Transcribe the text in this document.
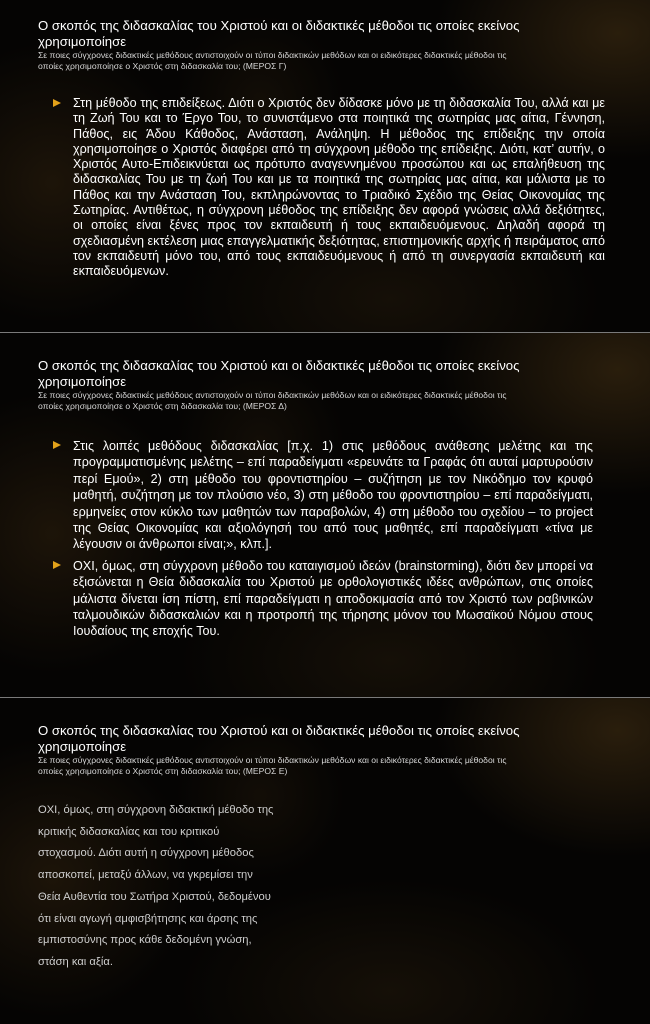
Ο σκοπός της διδασκαλίας του Χριστού και οι διδακτικές μέθοδοι τις οποίες εκείνος χρησιμοποίησε

Σε ποιες σύγχρονες διδακτικές μεθόδους αντιστοιχούν οι τύποι διδακτικών μεθόδων και οι ειδικότερες διδακτικές μέθοδοι τις οποίες χρησιμοποίησε ο Χριστός στη διδασκαλία του; (ΜΕΡΟΣ Γ)

Στη μέθοδο της επιδείξεως. Διότι ο Χριστός δεν δίδασκε μόνο με τη διδασκαλία Του, αλλά και με τη Ζωή Του και το Έργο Του, το συνιστάμενο στα ποιητικά της σωτηρίας μας αίτια, Γέννηση, Πάθος, εις Άδου Κάθοδος, Ανάσταση, Ανάληψη. Η μέθοδος της επίδειξης την οποία χρησιμοποίησε ο Χριστός διαφέρει από τη σύγχρονη μέθοδο της επίδειξης. Διότι, κατ’ αυτήν, ο Χριστός Αυτο-Επιδεικνύεται ως πρότυπο αναγεννημένου προσώπου και ως επαλήθευση της διδασκαλίας Του με τη ζωή Του και με τα ποιητικά της σωτηρίας μας αίτια, και μάλιστα με το Πάθος και την Ανάσταση Του, εκπληρώνοντας το Τριαδικό Σχέδιο της Θείας Οικονομίας της Σωτηρίας. Αντιθέτως, η σύγχρονη μέθοδος της επίδειξης δεν αφορά γνώσεις αλλά δεξιότητες, οι οποίες είναι ξένες προς τον εκπαιδευτή ή τους εκπαιδευόμενους. Δηλαδή αφορά τη σχεδιασμένη εκτέλεση μιας επαγγελματικής δεξιότητας, επιστημονικής αρχής ή πειράματος από τον εκπαιδευτή μόνο του, από τους εκπαιδευόμενους ή από τη συνεργασία εκπαιδευτή και εκπαιδευόμενων.
Ο σκοπός της διδασκαλίας του Χριστού και οι διδακτικές μέθοδοι τις οποίες εκείνος χρησιμοποίησε

Σε ποιες σύγχρονες διδακτικές μεθόδους αντιστοιχούν οι τύποι διδακτικών μεθόδων και οι ειδικότερες διδακτικές μέθοδοι τις οποίες χρησιμοποίησε ο Χριστός στη διδασκαλία του; (ΜΕΡΟΣ Δ)

Στις λοιπές μεθόδους διδασκαλίας [π.χ. 1) στις μεθόδους ανάθεσης μελέτης και της προγραμματισμένης μελέτης – επί παραδείγματι «ερευνάτε τα Γραφάς ότι αυταί μαρτυρούσιν περί Εμού», 2) στη μέθοδο του φροντιστηρίου – συζήτηση με τον Νικόδημο τον κρυφό μαθητή, συζήτηση με τον πλούσιο νέο, 3) στη μέθοδο του φροντιστηρίου – επί παραδείγματι, ερμηνείες στον κύκλο των μαθητών των παραβολών, 4) στη μέθοδο του σχεδίου – το project της Θείας Οικονομίας και αξιολόγησή του από τους μαθητές, επί παραδείγματι «τίνα με λέγουσιν οι άνθρωποι είναι;», κλπ.].
ΟΧΙ, όμως, στη σύγχρονη μέθοδο του καταιγισμού ιδεών (brainstorming), διότι δεν μπορεί να εξισώνεται η Θεία διδασκαλία του Χριστού με ορθολογιστικές ιδέες ανθρώπων, στις οποίες μάλιστα δίνεται ίση πίστη, επί παραδείγματι η αποδοκιμασία από τον Χριστό των ραβινικών ταλμουδικών διδασκαλιών και η προτροπή της τήρησης μόνον του Μωσαϊκού Νόμου στους Ιουδαίους της εποχής Του.
Ο σκοπός της διδασκαλίας του Χριστού και οι διδακτικές μέθοδοι τις οποίες εκείνος χρησιμοποίησε

Σε ποιες σύγχρονες διδακτικές μεθόδους αντιστοιχούν οι τύποι διδακτικών μεθόδων και οι ειδικότερες διδακτικές μέθοδοι τις οποίες χρησιμοποίησε ο Χριστός στη διδασκαλία του; (ΜΕΡΟΣ Ε)

ΟΧΙ, όμως, στη σύγχρονη διδακτική μέθοδο της κριτικής διδασκαλίας και του κριτικού στοχασμού. Διότι αυτή η σύγχρονη μέθοδος αποσκοπεί, μεταξύ άλλων, να γκρεμίσει την Θεία Αυθεντία του Σωτήρα Χριστού, δεδομένου ότι είναι αγωγή αμφισβήτησης και άρσης της εμπιστοσύνης προς κάθε δεδομένη γνώση, στάση και αξία.
